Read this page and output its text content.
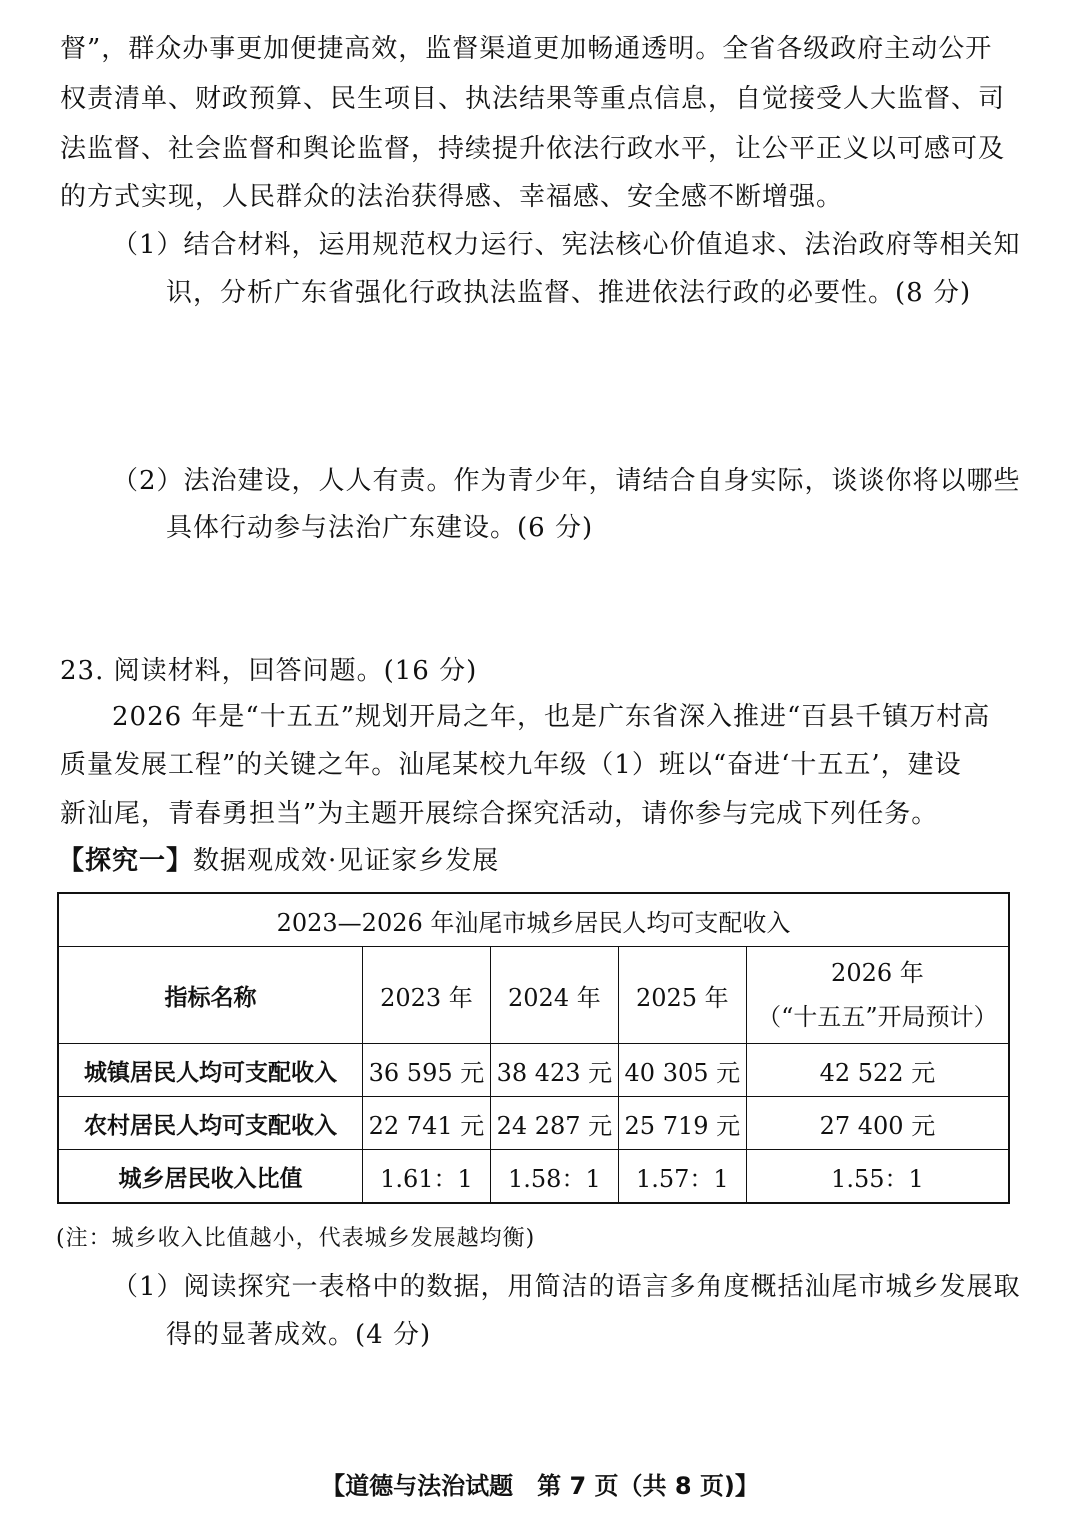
督”，群众办事更加便捷高效，监督渠道更加畅通透明。全省各级政府主动公开
权责清单、财政预算、民生项目、执法结果等重点信息，自觉接受人大监督、司
法监督、社会监督和舆论监督，持续提升依法行政水平，让公平正义以可感可及
的方式实现，人民群众的法治获得感、幸福感、安全感不断增强。
（1）结合材料，运用规范权力运行、宪法核心价值追求、法治政府等相关知
识，分析广东省强化行政执法监督、推进依法行政的必要性。(8 分)
（2）法治建设，人人有责。作为青少年，请结合自身实际，谈谈你将以哪些
具体行动参与法治广东建设。(6 分)
23. 阅读材料，回答问题。(16 分)
2026 年是“十五五”规划开局之年，也是广东省深入推进“百县千镇万村高
质量发展工程”的关键之年。汕尾某校九年级（1）班以“奋进‘十五五’，建设
新汕尾，青春勇担当”为主题开展综合探究活动，请你参与完成下列任务。
【探究一】数据观成效·见证家乡发展
2023—2026 年汕尾市城乡居民人均可支配收入				
指标名称	2023 年	2024 年	2025 年	2026 年
（“十五五”开局预计）

城镇居民人均可支配收入	36 595 元	38 423 元	40 305 元	42 522 元
农村居民人均可支配收入	22 741 元	24 287 元	25 719 元	27 400 元
城乡居民收入比值	1.61：1	1.58：1	1.57：1	1.55：1
(注：城乡收入比值越小，代表城乡发展越均衡)
（1）阅读探究一表格中的数据，用简洁的语言多角度概括汕尾市城乡发展取
得的显著成效。(4 分)
【道德与法治试题　第 7 页（共 8 页)】
